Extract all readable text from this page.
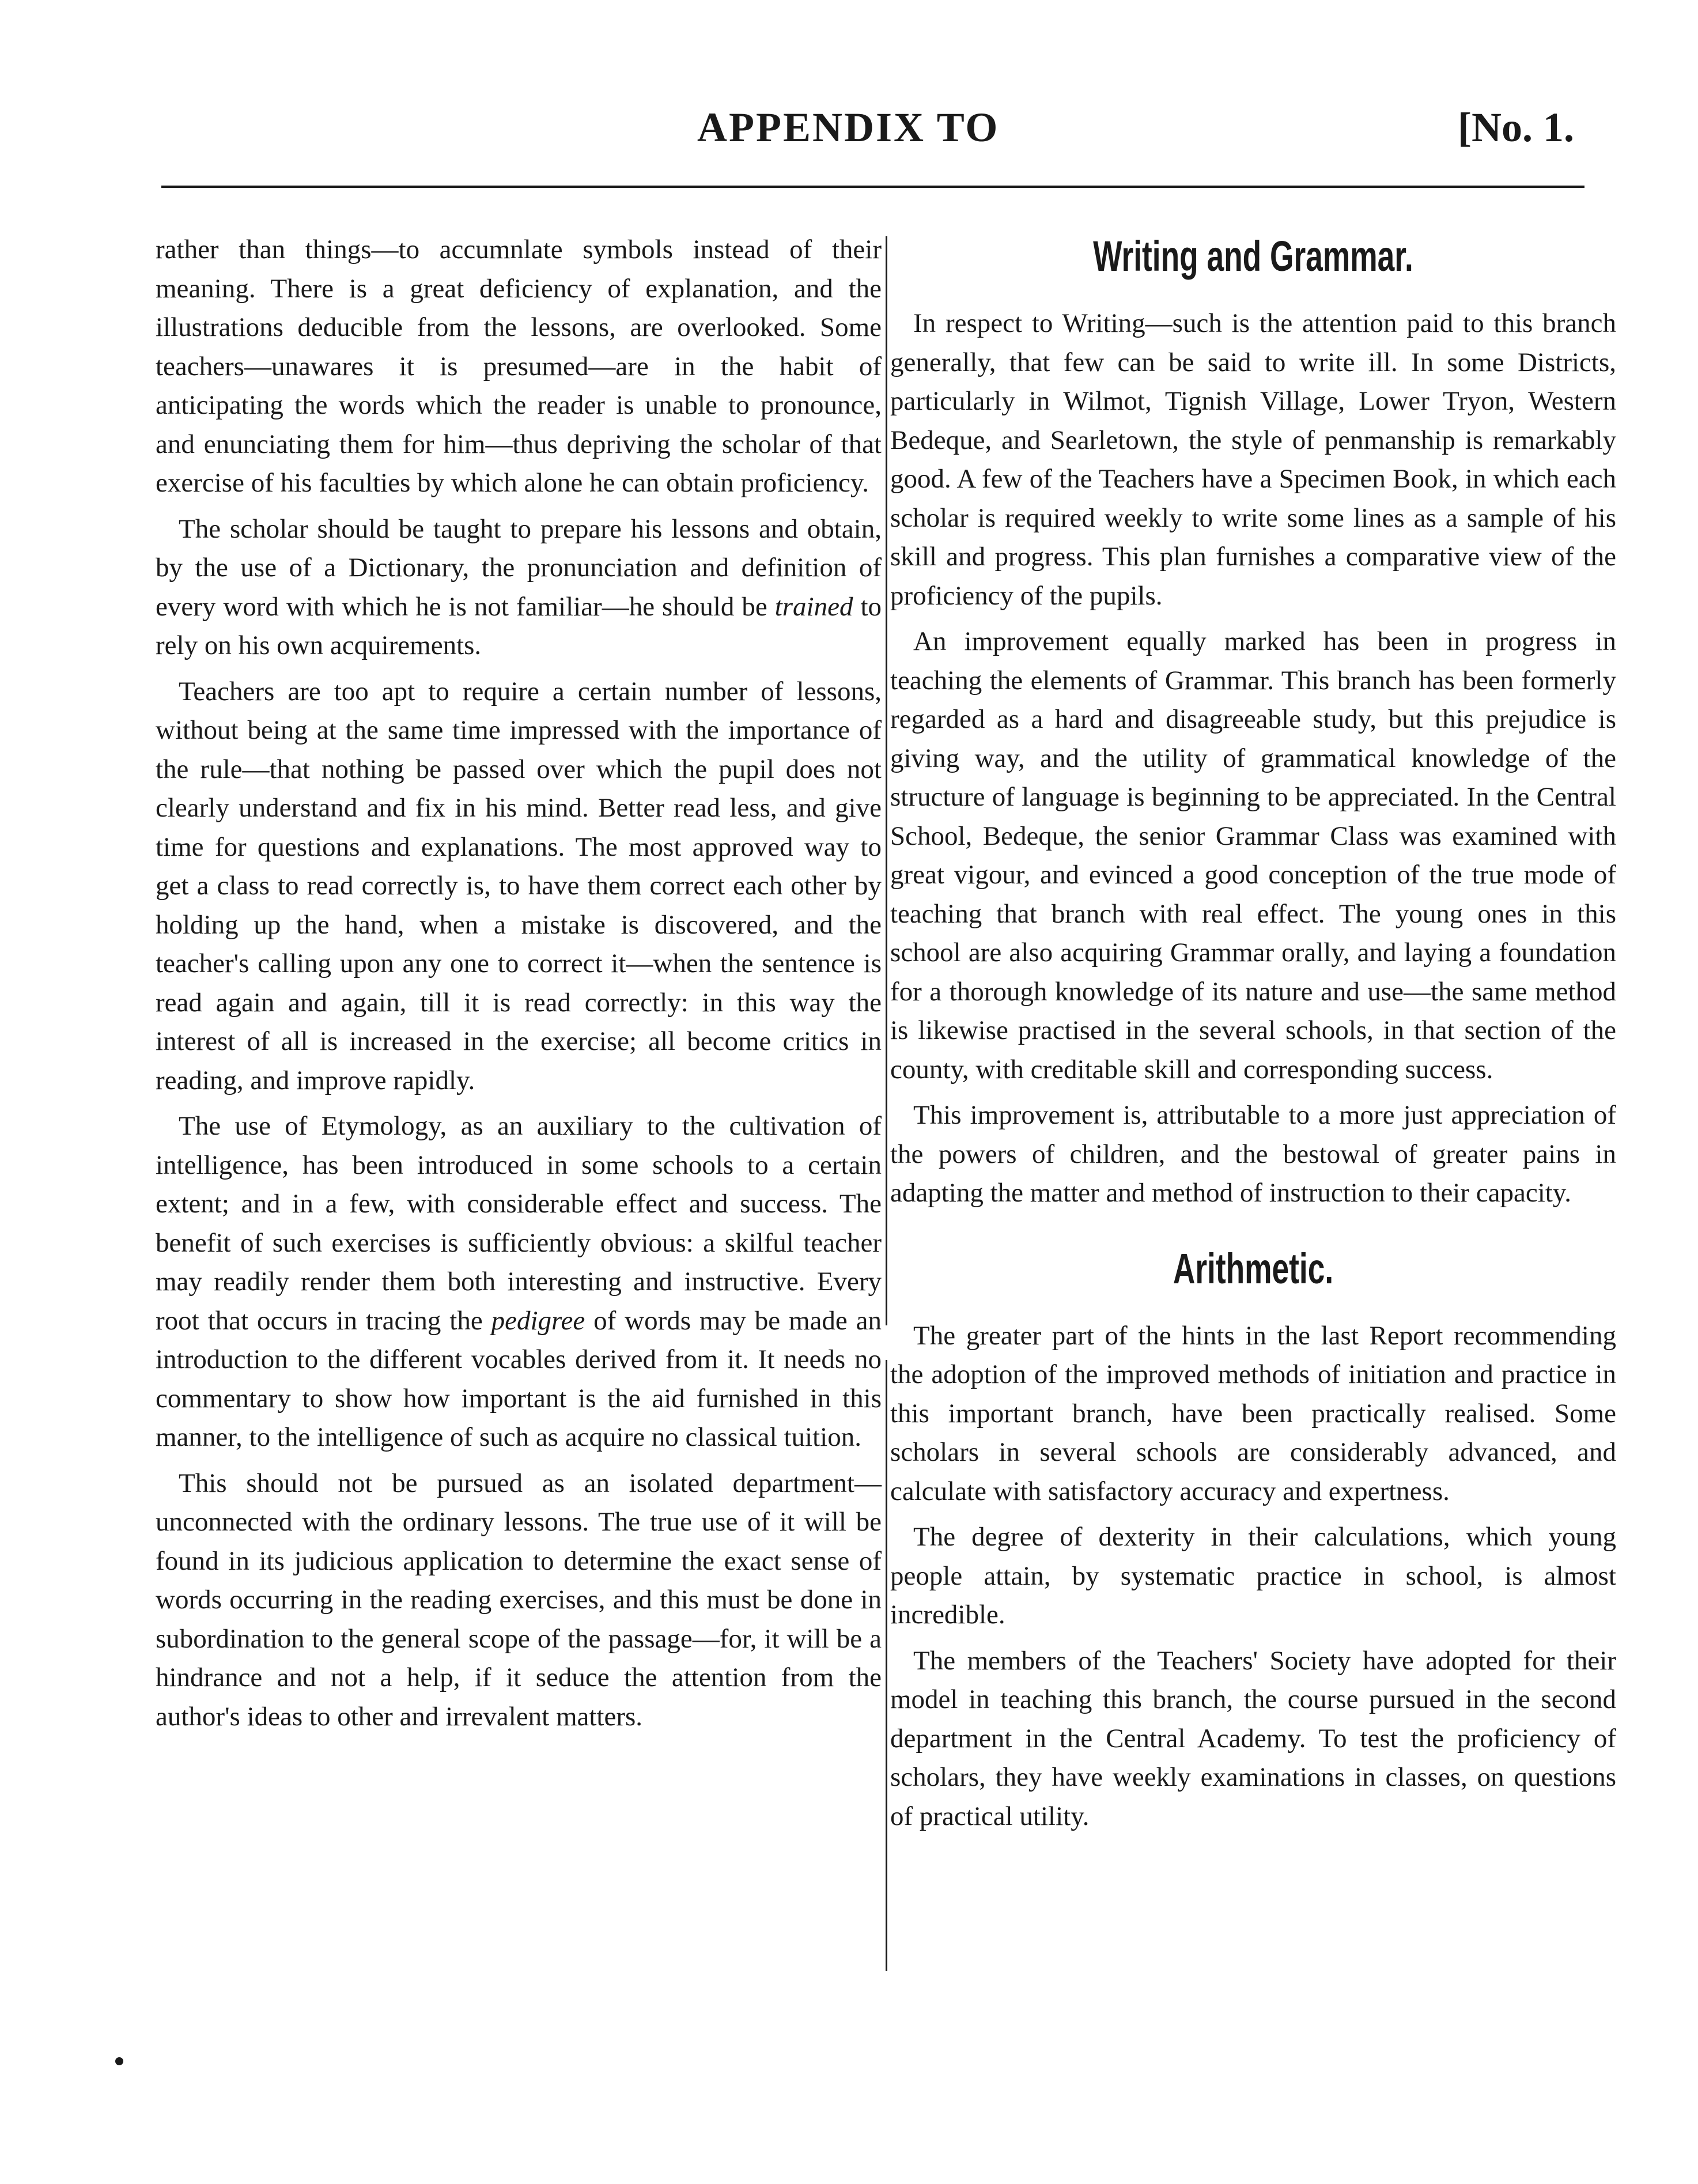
APPENDIX TO	[No. 1.

rather than things—to accumnlate symbols instead of their meaning. There is a great deficiency of explanation, and the illustrations deducible from the lessons, are overlooked. Some teachers—unawares it is presumed—are in the habit of anticipating the words which the reader is unable to pronounce, and enunciating them for him—thus depriving the scholar of that exercise of his faculties by which alone he can obtain proficiency.

The scholar should be taught to prepare his lessons and obtain, by the use of a Dictionary, the pronunciation and definition of every word with which he is not familiar—he should be trained to rely on his own acquirements.

Teachers are too apt to require a certain number of lessons, without being at the same time impressed with the importance of the rule—that nothing be passed over which the pupil does not clearly understand and fix in his mind. Better read less, and give time for questions and explanations. The most approved way to get a class to read correctly is, to have them correct each other by holding up the hand, when a mistake is discovered, and the teacher's calling upon any one to correct it—when the sentence is read again and again, till it is read correctly: in this way the interest of all is increased in the exercise; all become critics in reading, and improve rapidly.

The use of Etymology, as an auxiliary to the cultivation of intelligence, has been introduced in some schools to a certain extent; and in a few, with considerable effect and success. The benefit of such exercises is sufficiently obvious: a skilful teacher may readily render them both interesting and instructive. Every root that occurs in tracing the pedigree of words may be made an introduction to the different vocables derived from it. It needs no commentary to show how important is the aid furnished in this manner, to the intelligence of such as acquire no classical tuition.

This should not be pursued as an isolated department—unconnected with the ordinary lessons. The true use of it will be found in its judicious application to determine the exact sense of words occurring in the reading exercises, and this must be done in subordination to the general scope of the passage—for, it will be a hindrance and not a help, if it seduce the attention from the author's ideas to other and irrevalent matters.

Writing and Grammar.

In respect to Writing—such is the attention paid to this branch generally, that few can be said to write ill. In some Districts, particularly in Wilmot, Tignish Village, Lower Tryon, Western Bedeque, and Searletown, the style of penmanship is remarkably good. A few of the Teachers have a Specimen Book, in which each scholar is required weekly to write some lines as a sample of his skill and progress. This plan furnishes a comparative view of the proficiency of the pupils.

An improvement equally marked has been in progress in teaching the elements of Grammar. This branch has been formerly regarded as a hard and disagreeable study, but this prejudice is giving way, and the utility of grammatical knowledge of the structure of language is beginning to be appreciated. In the Central School, Bedeque, the senior Grammar Class was examined with great vigour, and evinced a good conception of the true mode of teaching that branch with real effect. The young ones in this school are also acquiring Grammar orally, and laying a foundation for a thorough knowledge of its nature and use—the same method is likewise practised in the several schools, in that section of the county, with creditable skill and corresponding success.

This improvement is, attributable to a more just appreciation of the powers of children, and the bestowal of greater pains in adapting the matter and method of instruction to their capacity.

Arithmetic.

The greater part of the hints in the last Report recommending the adoption of the improved methods of initiation and practice in this important branch, have been practically realised. Some scholars in several schools are considerably advanced, and calculate with satisfactory accuracy and expertness.

The degree of dexterity in their calculations, which young people attain, by systematic practice in school, is almost incredible.

The members of the Teachers' Society have adopted for their model in teaching this branch, the course pursued in the second department in the Central Academy. To test the proficiency of scholars, they have weekly examinations in classes, on questions of practical utility.
